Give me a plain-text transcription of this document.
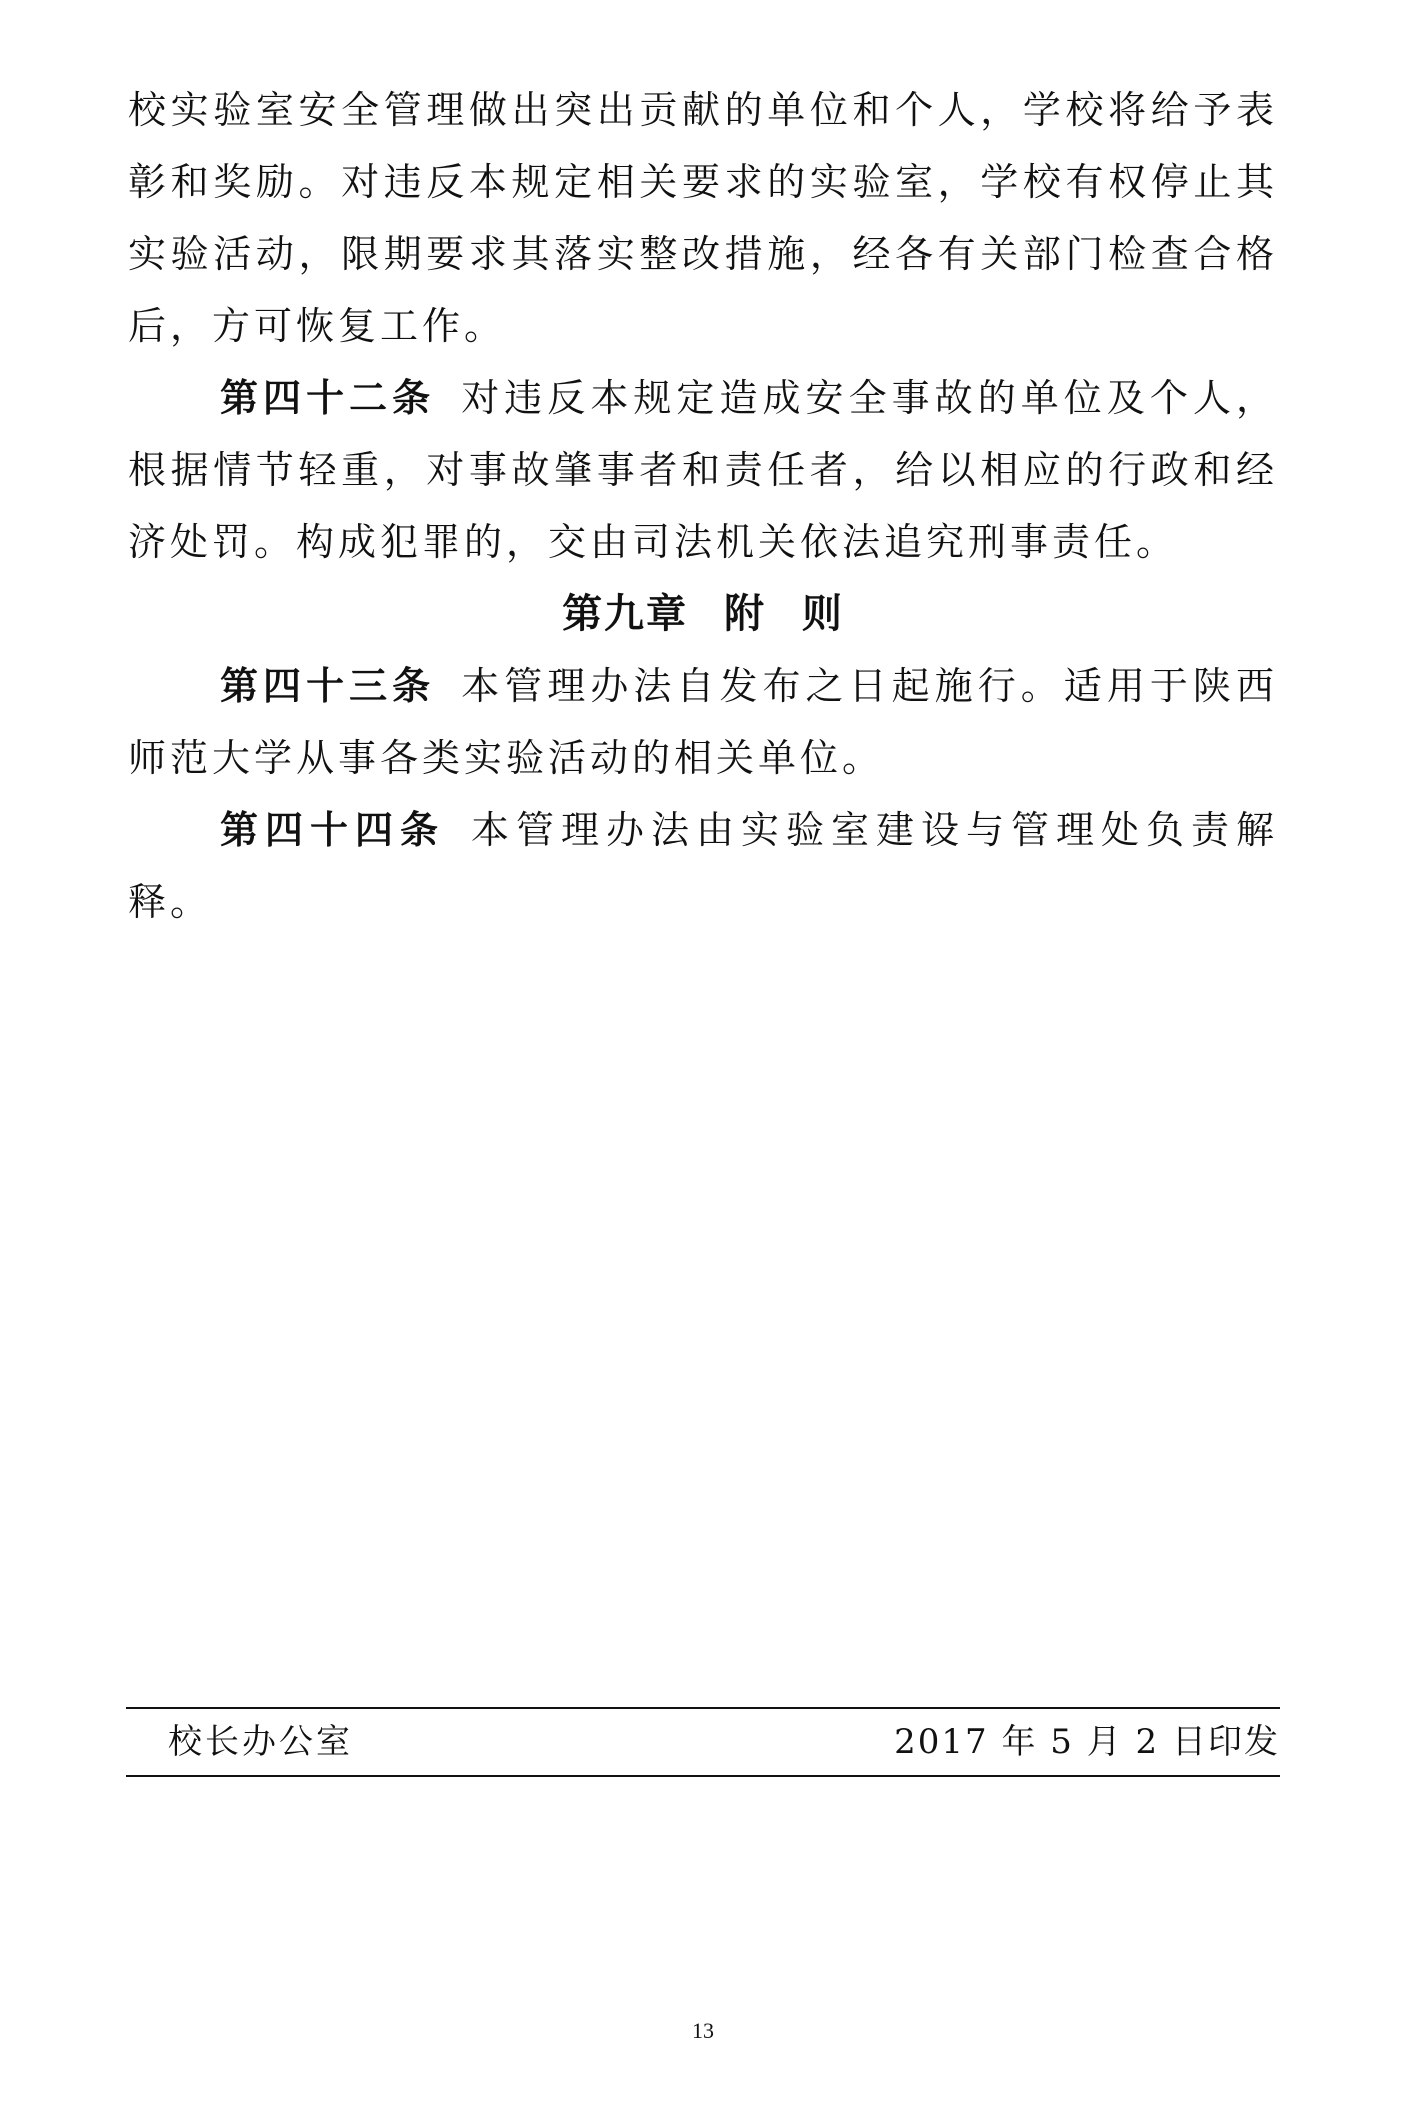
校实验室安全管理做出突出贡献的单位和个人，学校将给予表彰和奖励。对违反本规定相关要求的实验室，学校有权停止其实验活动，限期要求其落实整改措施，经各有关部门检查合格后，方可恢复工作。

第四十二条 对违反本规定造成安全事故的单位及个人，根据情节轻重，对事故肇事者和责任者，给以相应的行政和经济处罚。构成犯罪的，交由司法机关依法追究刑事责任。

第九章 附 则

第四十三条 本管理办法自发布之日起施行。适用于陕西师范大学从事各类实验活动的相关单位。

第四十四条 本管理办法由实验室建设与管理处负责解释。

校长办公室	2017 年 5 月 2 日印发
13
